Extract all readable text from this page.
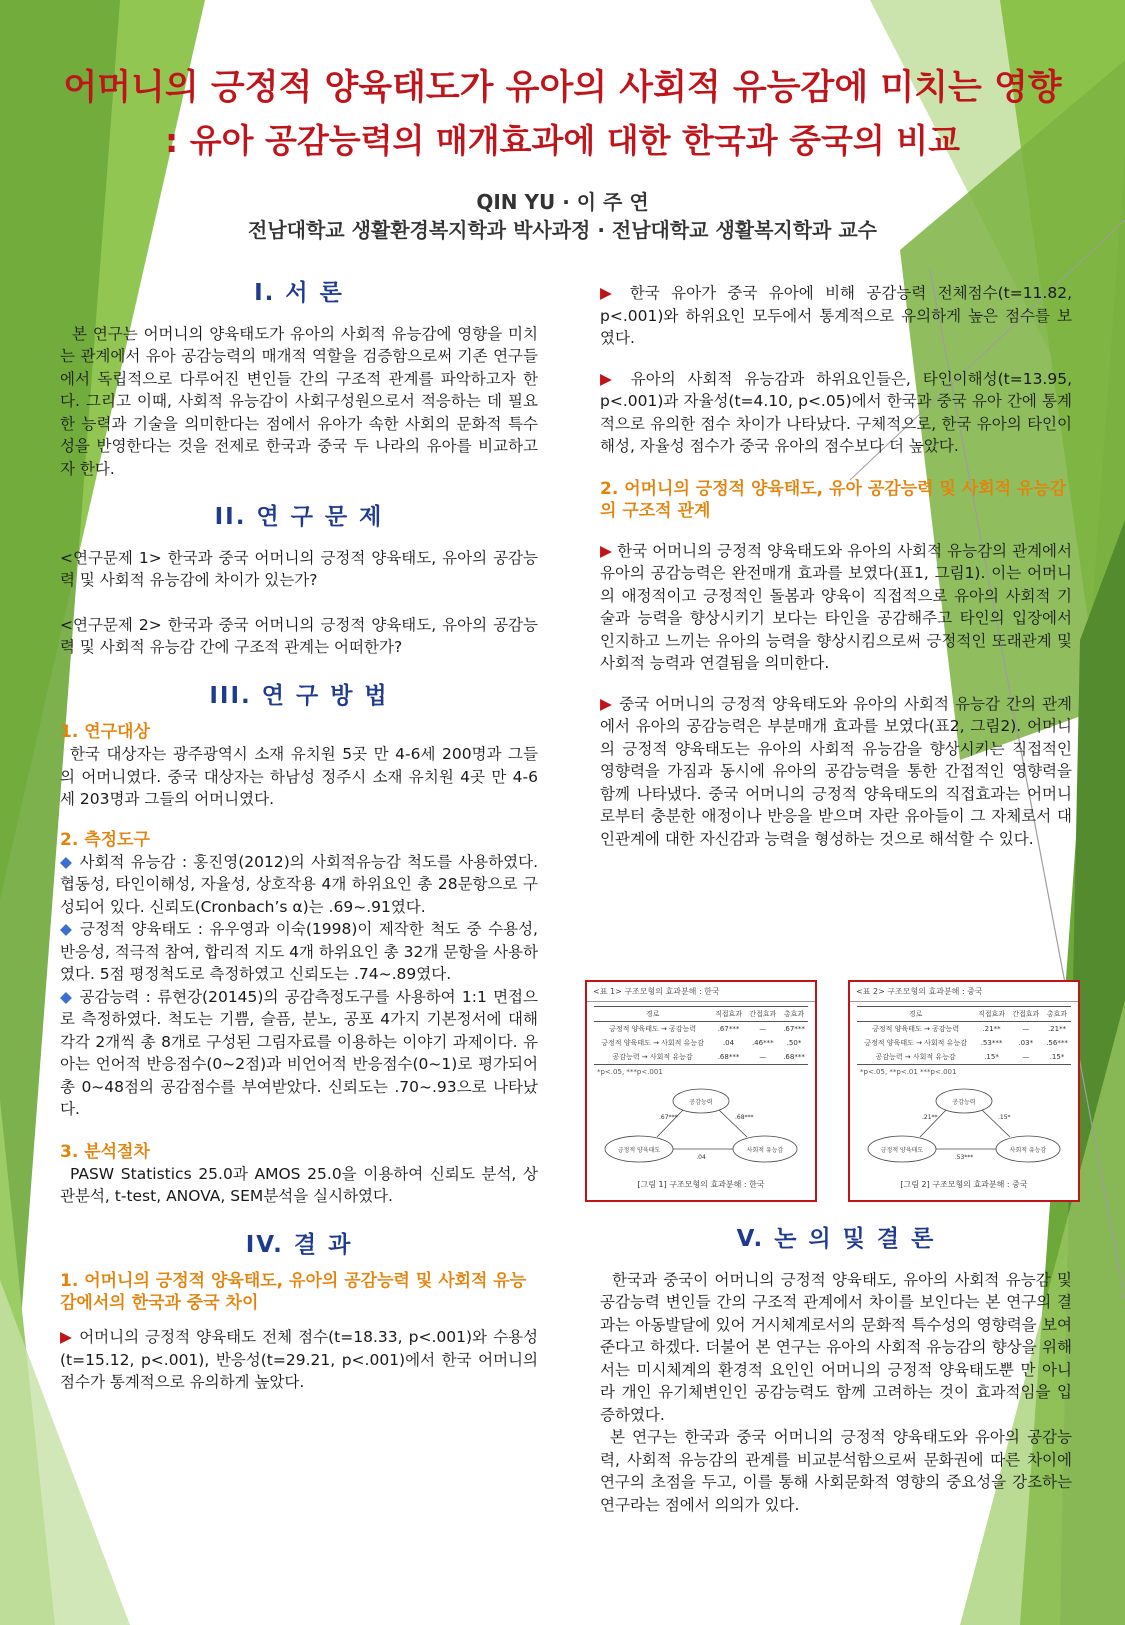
어머니의 긍정적 양육태도가 유아의 사회적 유능감에 미치는 영향
: 유아 공감능력의 매개효과에 대한 한국과 중국의 비교
QIN YU · 이 주 연
전남대학교 생활환경복지학과 박사과정 · 전남대학교 생활복지학과 교수
I. 서 론

본 연구는 어머니의 양육태도가 유아의 사회적 유능감에 영향을 미치는 관계에서 유아 공감능력의 매개적 역할을 검증함으로써 기존 연구들에서 독립적으로 다루어진 변인들 간의 구조적 관계를 파악하고자 한다. 그리고 이때, 사회적 유능감이 사회구성원으로서 적응하는 데 필요한 능력과 기술을 의미한다는 점에서 유아가 속한 사회의 문화적 특수성을 반영한다는 것을 전제로 한국과 중국 두 나라의 유아를 비교하고자 한다.

II. 연 구 문 제

<연구문제 1> 한국과 중국 어머니의 긍정적 양육태도, 유아의 공감능력 및 사회적 유능감에 차이가 있는가?

<연구문제 2> 한국과 중국 어머니의 긍정적 양육태도, 유아의 공감능력 및 사회적 유능감 간에 구조적 관계는 어떠한가?

III. 연 구 방 법
1. 연구대상

한국 대상자는 광주광역시 소재 유치원 5곳 만 4-6세 200명과 그들의 어머니였다. 중국 대상자는 하남성 정주시 소재 유치원 4곳 만 4-6세 203명과 그들의 어머니였다.

2. 측정도구

◆ 사회적 유능감 : 홍진영(2012)의 사회적유능감 척도를 사용하였다. 협동성, 타인이해성, 자율성, 상호작용 4개 하위요인 총 28문항으로 구성되어 있다. 신뢰도(Cronbach’s α)는 .69~.91였다.

◆ 긍정적 양육태도 : 유우영과 이숙(1998)이 제작한 척도 중 수용성, 반응성, 적극적 참여, 합리적 지도 4개 하위요인 총 32개 문항을 사용하였다. 5점 평정척도로 측정하였고 신뢰도는 .74~.89였다.

◆ 공감능력 : 류현강(20145)의 공감측정도구를 사용하여 1:1 면접으로 측정하였다. 척도는 기쁨, 슬픔, 분노, 공포 4가지 기본정서에 대해 각각 2개씩 총 8개로 구성된 그림자료를 이용하는 이야기 과제이다. 유아는 언어적 반응점수(0~2점)과 비언어적 반응점수(0~1)로 평가되어 총 0~48점의 공감점수를 부여받았다. 신뢰도는 .70~.93으로 나타났다.

3. 분석절차

PASW Statistics 25.0과 AMOS 25.0을 이용하여 신뢰도 분석, 상관분석, t-test, ANOVA, SEM분석을 실시하였다.

IV. 결 과
1. 어머니의 긍정적 양육태도, 유아의 공감능력 및 사회적 유능감에서의 한국과 중국 차이

▶ 어머니의 긍정적 양육태도 전체 점수(t=18.33, p<.001)와 수용성(t=15.12, p<.001), 반응성(t=29.21, p<.001)에서 한국 어머니의 점수가 통계적으로 유의하게 높았다.

▶ 한국 유아가 중국 유아에 비해 공감능력 전체점수(t=11.82, p<.001)와 하위요인 모두에서 통계적으로 유의하게 높은 점수를 보였다.

▶ 유아의 사회적 유능감과 하위요인들은, 타인이해성(t=13.95, p<.001)과 자율성(t=4.10, p<.05)에서 한국과 중국 유아 간에 통계적으로 유의한 점수 차이가 나타났다. 구체적으로, 한국 유아의 타인이해성, 자율성 점수가 중국 유아의 점수보다 더 높았다.

2. 어머니의 긍정적 양육태도, 유아 공감능력 및 사회적 유능감의 구조적 관계

▶ 한국 어머니의 긍정적 양육태도와 유아의 사회적 유능감의 관계에서 유아의 공감능력은 완전매개 효과를 보였다(표1, 그림1). 이는 어머니의 애정적이고 긍정적인 돌봄과 양육이 직접적으로 유아의 사회적 기술과 능력을 향상시키기 보다는 타인을 공감해주고 타인의 입장에서 인지하고 느끼는 유아의 능력을 향상시킴으로써 긍정적인 또래관계 및 사회적 능력과 연결됨을 의미한다.

▶ 중국 어머니의 긍정적 양육태도와 유아의 사회적 유능감 간의 관계에서 유아의 공감능력은 부분매개 효과를 보였다(표2, 그림2). 어머니의 긍정적 양육태도는 유아의 사회적 유능감을 향상시키는 직접적인 영향력을 가짐과 동시에 유아의 공감능력을 통한 간접적인 영향력을 함께 나타냈다. 중국 어머니의 긍정적 양육태도의 직접효과는 어머니로부터 충분한 애정이나 반응을 받으며 자란 유아들이 그 자체로서 대인관계에 대한 자신감과 능력을 형성하는 것으로 해석할 수 있다.

<표 1> 구조모형의 효과분해 : 한국
경로	직접효과	간접효과	총효과
긍정적 양육태도 → 공감능력	.67***	—	.67***
긍정적 양육태도 → 사회적 유능감	.04	.46***	.50*
공감능력 → 사회적 유능감	.68***	—	.68***
*p<.05, ***p<.001
공감능력
긍정적 양육태도	사회적 유능감
.67***	.68***
.04
[그림 1] 구조모형의 효과분해 : 한국
<표 2> 구조모형의 효과분해 : 중국
경로	직접효과	간접효과	총효과
긍정적 양육태도 → 공감능력	.21**	—	.21**
긍정적 양육태도 → 사회적 유능감	.53***	.03*	.56***
공감능력 → 사회적 유능감	.15*	—	.15*
*p<.05, **p<.01 ***p<.001
공감능력
긍정적 양육태도	사회적 유능감
.21**	.15*
.53***
[그림 2] 구조모형의 효과분해 : 중국
V. 논 의 및 결 론

한국과 중국이 어머니의 긍정적 양육태도, 유아의 사회적 유능감 및 공감능력 변인들 간의 구조적 관계에서 차이를 보인다는 본 연구의 결과는 아동발달에 있어 거시체계로서의 문화적 특수성의 영향력을 보여준다고 하겠다. 더불어 본 연구는 유아의 사회적 유능감의 향상을 위해서는 미시체계의 환경적 요인인 어머니의 긍정적 양육태도뿐 만 아니라 개인 유기체변인인 공감능력도 함께 고려하는 것이 효과적임을 입증하였다.

본 연구는 한국과 중국 어머니의 긍정적 양육태도와 유아의 공감능력, 사회적 유능감의 관계를 비교분석함으로써 문화권에 따른 차이에 연구의 초점을 두고, 이를 통해 사회문화적 영향의 중요성을 강조하는 연구라는 점에서 의의가 있다.
